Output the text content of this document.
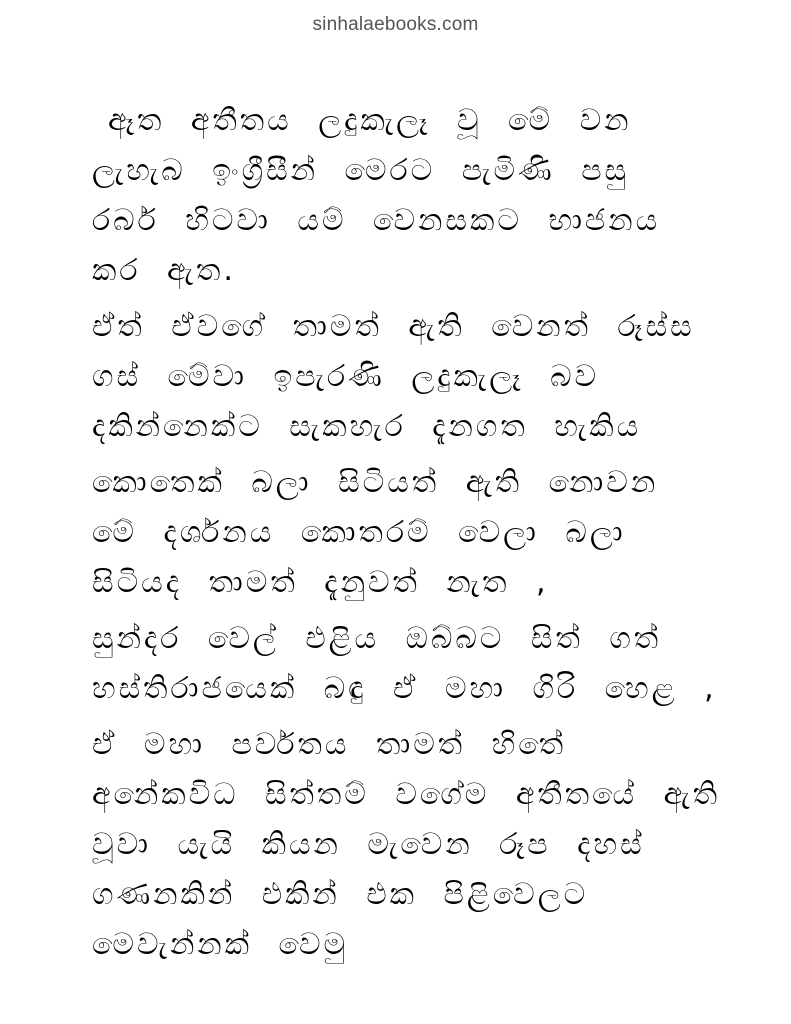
sinhalaebooks.com
ඈත අතීතය ලදුකැලෑ වූ මේ වන
ලැහැබ ඉංග්‍රීසීන් මෙරට පැමිණි පසු
රබර් හිටවා යම් වෙනසකට භාජනය
කර ඇත.
ඒත් ඒවගේ තාමත් ඇති වෙනත් රූස්ස
ගස් මේවා ඉපැරණි ලදුකැලෑ බව
දකින්නෙක්ට සැකහැර දැනගත හැකිය
කොතෙක් බලා සිටියත් ඇති නොවන
මේ දර්ශනය කොතරම් වෙලා බලා
සිටියද තාමත් දැනුවත් නැත ,
සුන්දර වෙල් එළිය ඔබ්බට සිත් ගත්
හස්තිරාජයෙක් බඳු ඒ මහා ගිරි හෙළ ,
ඒ මහා පර්වතය තාමත් හිතේ
අනේකවිධ සිත්තම් වගේම අතීතයේ ඇති
වූවා යැයි කියන මැවෙන රූප දහස්
ගණනකින් එකින් එක පිළිවෙලට
මෙවැන්නක් වෙමු
